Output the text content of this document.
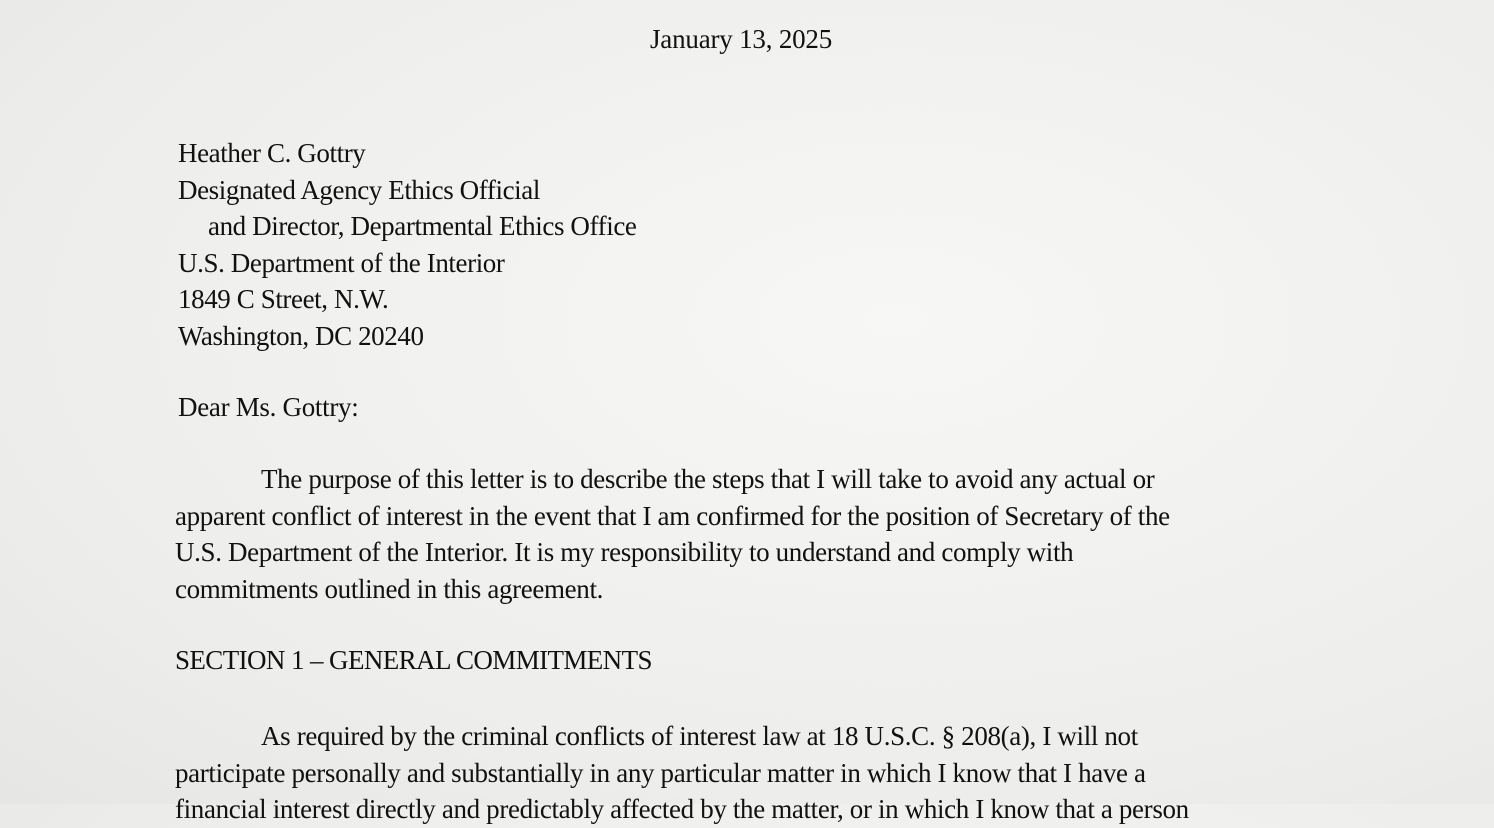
January 13, 2025
Heather C. Gottry
Designated Agency Ethics Official
and Director, Departmental Ethics Office
U.S. Department of the Interior
1849 C Street, N.W.
Washington, DC 20240
Dear Ms. Gottry:
The purpose of this letter is to describe the steps that I will take to avoid any actual or
apparent conflict of interest in the event that I am confirmed for the position of Secretary of the
U.S. Department of the Interior. It is my responsibility to understand and comply with
commitments outlined in this agreement.
SECTION 1 – GENERAL COMMITMENTS
As required by the criminal conflicts of interest law at 18 U.S.C. § 208(a), I will not
participate personally and substantially in any particular matter in which I know that I have a
financial interest directly and predictably affected by the matter, or in which I know that a person
